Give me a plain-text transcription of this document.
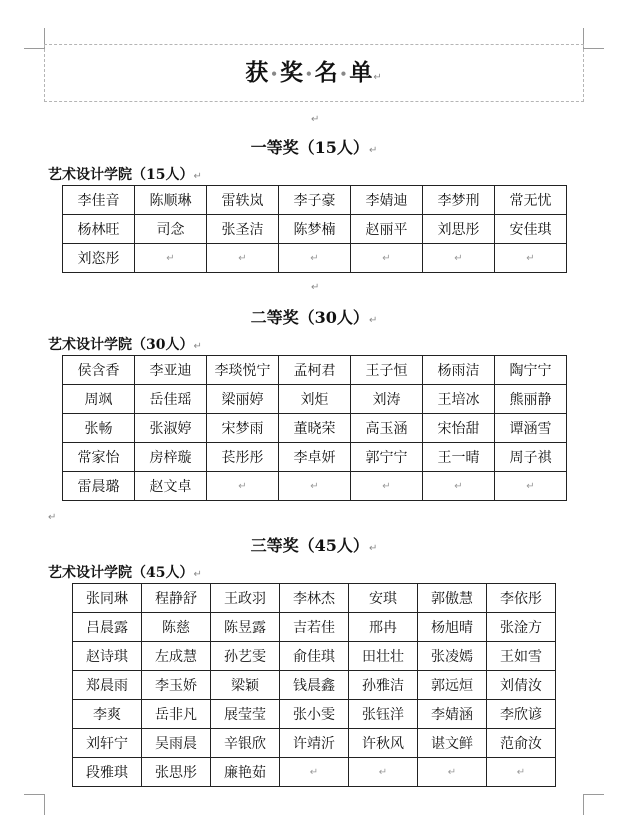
获•奖•名•单↵
↵
一等奖（15人）↵
艺术设计学院（15人）↵
李佳音	陈顺琳	雷轶岚	李子豪	李婧迪	李梦刑	常无忧
杨林旺	司念	张圣洁	陈梦楠	赵丽平	刘思彤	安佳琪
刘恣彤	↵	↵	↵	↵	↵	↵
↵
二等奖（30人）↵
艺术设计学院（30人）↵
侯含香	李亚迪	李琰悦宁	孟柯君	王子恒	杨雨洁	陶宁宁
周飒	岳佳瑶	梁丽婷	刘炬	刘涛	王培冰	熊丽静
张畅	张淑婷	宋梦雨	董晓荣	高玉涵	宋怡甜	谭涵雪
常家怡	房梓璇	苌彤彤	李卓妍	郭宁宁	王一晴	周子祺
雷晨璐	赵文卓	↵	↵	↵	↵	↵
↵
三等奖（45人）↵
艺术设计学院（45人）↵
张同琳	程静舒	王政羽	李林杰	安琪	郭傲慧	李依彤
吕晨露	陈慈	陈昱露	吉若佳	邢冉	杨旭晴	张淦方
赵诗琪	左成慧	孙艺雯	俞佳琪	田壮壮	张凌嫣	王如雪
郑晨雨	李玉娇	梁颖	钱晨鑫	孙雅洁	郭远烜	刘倩汝
李爽	岳非凡	展莹莹	张小雯	张钰洋	李婧涵	李欣谚
刘轩宁	吴雨晨	辛银欣	许靖沂	许秋风	谌文鲜	范俞汝
段雅琪	张思彤	廉艳茹	↵	↵	↵	↵
